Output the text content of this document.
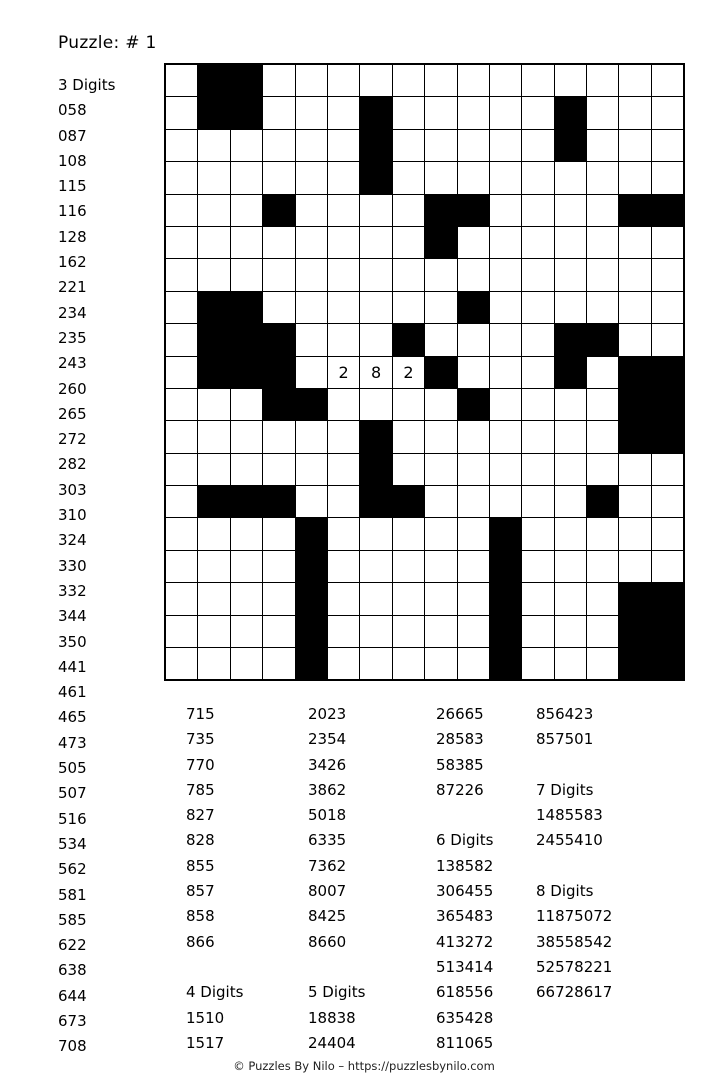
Puzzle: # 1

					2	8	2								

3 Digits
058
087
108
115
116
128
162
221
234
235
243
260
265
272
282
303
310
324
330
332
344
350
441
461
465
473
505
507
516
534
562
581
585
622
638
644
673
708
715
735
770
785
827
828
855
857
858
866

4 Digits
1510
1517
2023
2354
3426
3862
5018
6335
7362
8007
8425
8660

5 Digits
18838
24404
26665
28583
58385
87226

6 Digits
138582
306455
365483
413272
513414
618556
635428
811065
856423
857501

7 Digits
1485583
2455410

8 Digits
11875072
38558542
52578221
66728617
© Puzzles By Nilo – https://puzzlesbynilo.com
